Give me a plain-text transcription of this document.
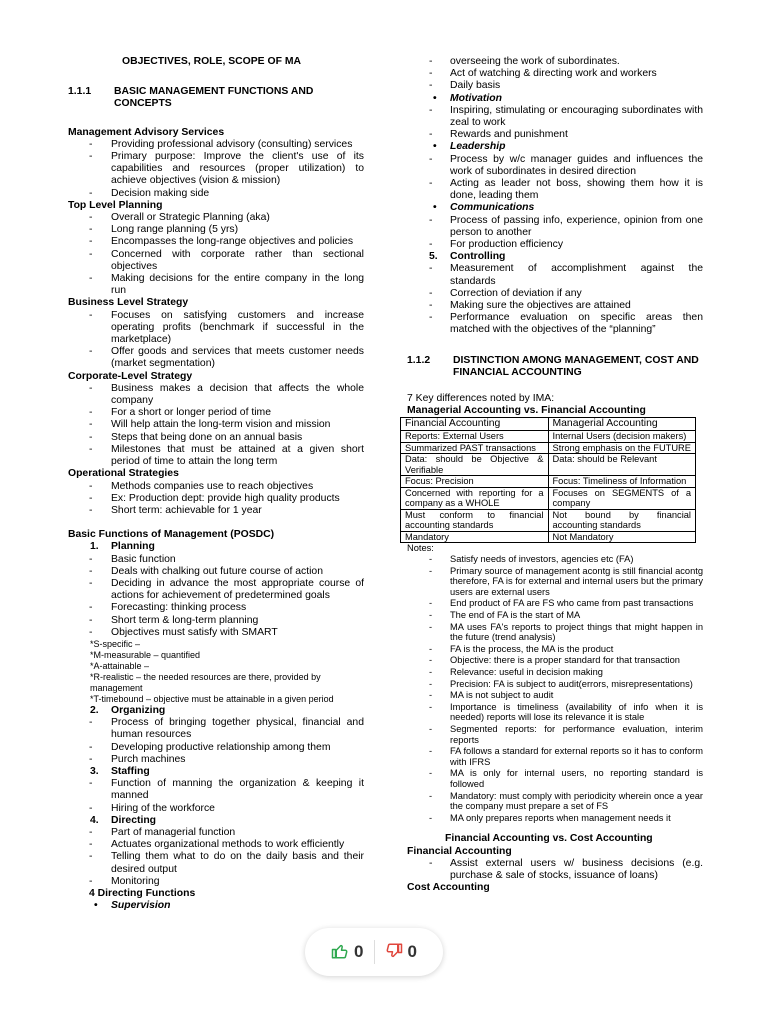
OBJECTIVES, ROLE, SCOPE OF MA
1.1.1	BASIC MANAGEMENT FUNCTIONS AND CONCEPTS
Management Advisory Services
- Providing professional advisory (consulting) services
- Primary purpose: Improve the client's use of its capabilities and resources (proper utilization) to achieve objectives (vision & mission)
- Decision making side
Top Level Planning
- Overall or Strategic Planning (aka)
- Long range planning (5 yrs)
- Encompasses the long-range objectives and policies
- Concerned with corporate rather than sectional objectives
- Making decisions for the entire company in the long run
Business Level Strategy
- Focuses on satisfying customers and increase operating profits (benchmark if successful in the marketplace)
- Offer goods and services that meets customer needs (market segmentation)
Corporate-Level Strategy
- Business makes a decision that affects the whole company
- For a short or longer period of time
- Will help attain the long-term vision and mission
- Steps that being done on an annual basis
- Milestones that must be attained at a given short period of time to attain the long term
Operational Strategies
- Methods companies use to reach objectives
- Ex: Production dept: provide high quality products
- Short term: achievable for 1 year
Basic Functions of Management (POSDC)
1. Planning
- Basic function
- Deals with chalking out future course of action
- Deciding in advance the most appropriate course of actions for achievement of predetermined goals
- Forecasting: thinking process
- Short term & long-term planning
- Objectives must satisfy with SMART
*S-specific –
*M-measurable – quantified
*A-attainable –
*R-realistic – the needed resources are there, provided by management
*T-timebound – objective must be attainable in a given period
2. Organizing
- Process of bringing together physical, financial and human resources
- Developing productive relationship among them
- Purch machines
3. Staffing
- Function of manning the organization & keeping it manned
- Hiring of the workforce
4. Directing
- Part of managerial function
- Actuates organizational methods to work efficiently
- Telling them what to do on the daily basis and their desired output
- Monitoring
4 Directing Functions
• Supervision
- overseeing the work of subordinates.
- Act of watching & directing work and workers
- Daily basis
• Motivation
- Inspiring, stimulating or encouraging subordinates with zeal to work
- Rewards and punishment
• Leadership
- Process by w/c manager guides and influences the work of subordinates in desired direction
- Acting as leader not boss, showing them how it is done, leading them
• Communications
- Process of passing info, experience, opinion from one person to another
- For production efficiency
5. Controlling
- Measurement of accomplishment against the standards
- Correction of deviation if any
- Making sure the objectives are attained
- Performance evaluation on specific areas then matched with the objectives of the “planning”
1.1.2	DISTINCTION AMONG MANAGEMENT, COST AND FINANCIAL ACCOUNTING
7 Key differences noted by IMA:
Managerial Accounting vs. Financial Accounting
Financial Accounting	Managerial Accounting
Reports: External Users	Internal Users (decision makers)
Summarized PAST transactions	Strong emphasis on the FUTURE
Data: should be Objective & Verifiable	Data: should be Relevant
Focus: Precision	Focus: Timeliness of Information
Concerned with reporting for a company as a WHOLE	Focuses on SEGMENTS of a company
Must conform to financial accounting standards	Not bound by financial accounting standards
Mandatory	Not Mandatory
Notes:
- Satisfy needs of investors, agencies etc (FA)
- Primary source of management acontg is still financial acontg therefore, FA is for external and internal users but the primary users are external users
- End product of FA are FS who came from past transactions
- The end of FA is the start of MA
- MA uses FA's reports to project things that might happen in the future (trend analysis)
- FA is the process, the MA is the product
- Objective: there is a proper standard for that transaction
- Relevance: useful in decision making
- Precision: FA is subject to audit(errors, misrepresentations)
- MA is not subject to audit
- Importance is timeliness (availability of info when it is needed) reports will lose its relevance it is stale
- Segmented reports: for performance evaluation, interim reports
- FA follows a standard for external reports so it has to conform with IFRS
- MA is only for internal users, no reporting standard is followed
- Mandatory: must comply with periodicity wherein once a year the company must prepare a set of FS
- MA only prepares reports when management needs it
Financial Accounting vs. Cost Accounting
Financial Accounting
- Assist external users w/ business decisions (e.g. purchase & sale of stocks, issuance of loans)
Cost Accounting
0	0
